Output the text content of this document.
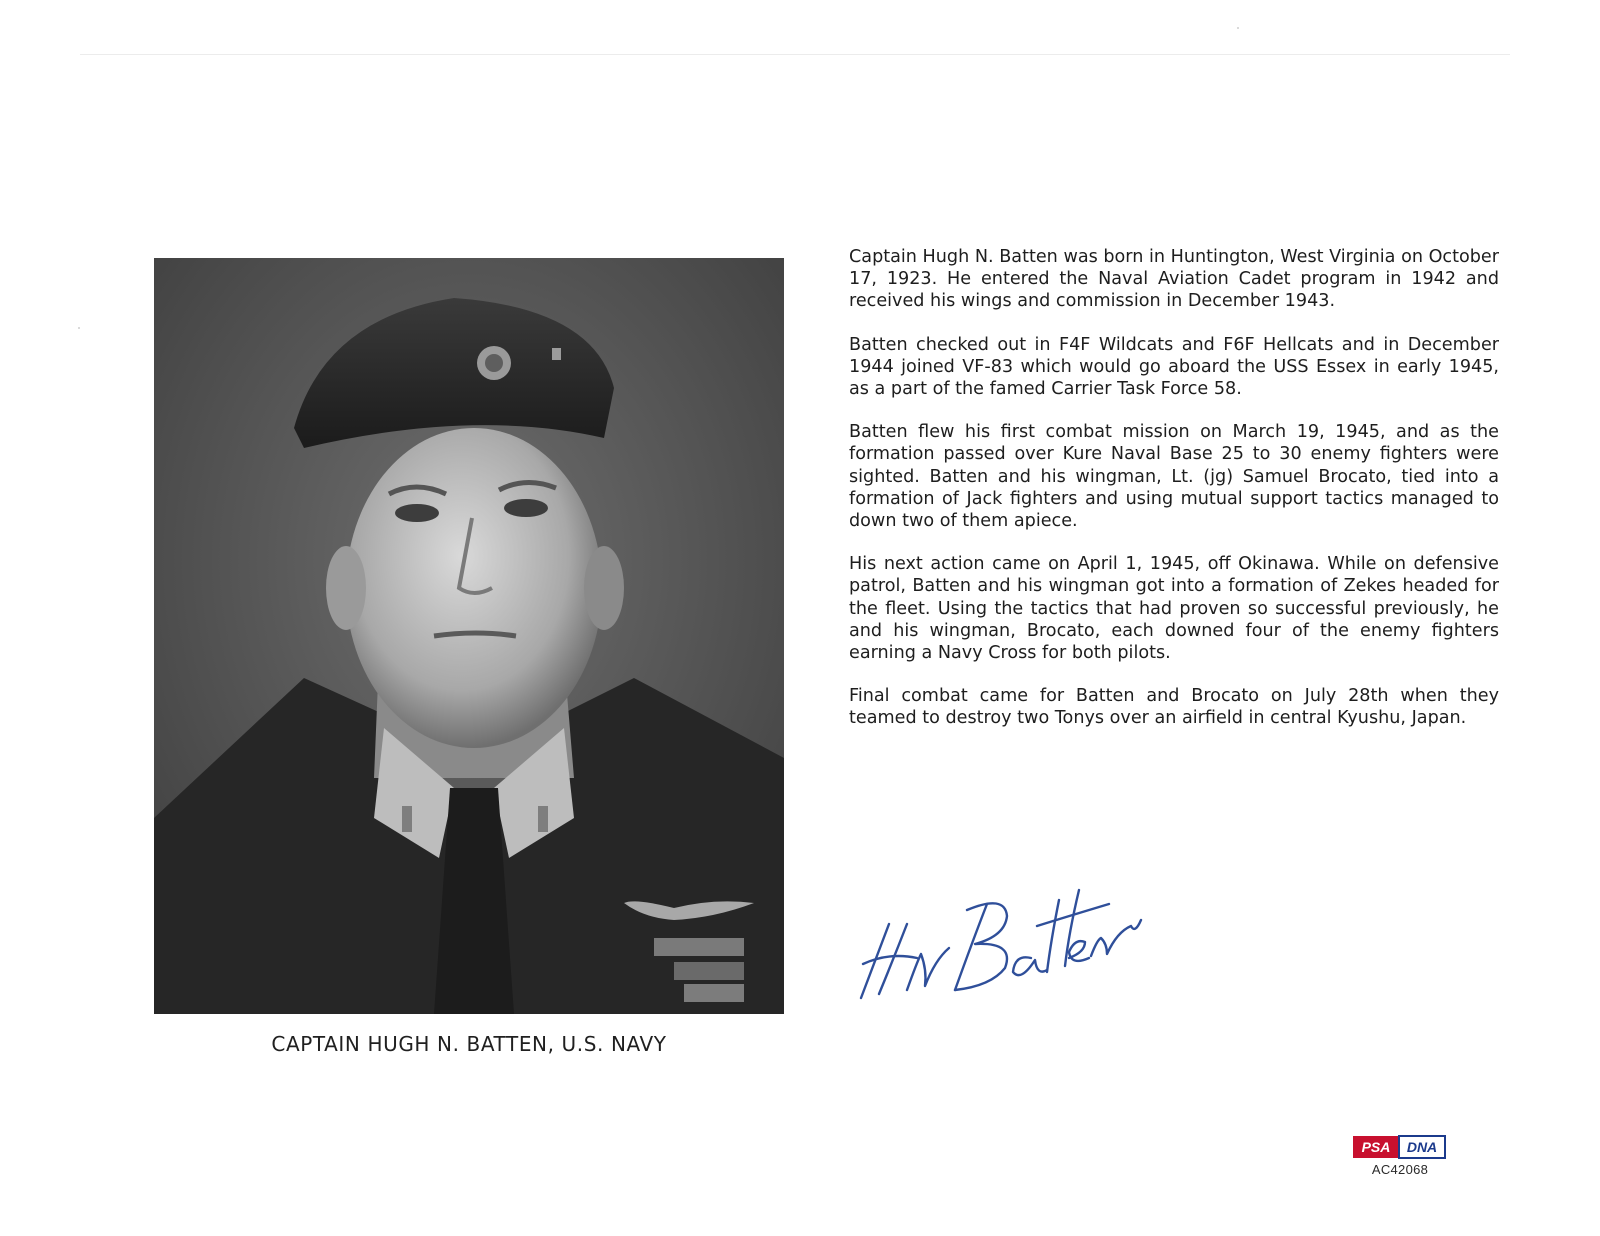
CAPTAIN HUGH N. BATTEN, U.S. NAVY

Captain Hugh N. Batten was born in Huntington, West Virginia on October 17, 1923. He entered the Naval Aviation Cadet program in 1942 and received his wings and commission in December 1943.

Batten checked out in F4F Wildcats and F6F Hellcats and in December 1944 joined VF-83 which would go aboard the USS Essex in early 1945, as a part of the famed Carrier Task Force 58.

Batten flew his first combat mission on March 19, 1945, and as the formation passed over Kure Naval Base 25 to 30 enemy fighters were sighted. Batten and his wingman, Lt. (jg) Samuel Brocato, tied into a formation of Jack fighters and using mutual support tactics managed to down two of them apiece.

His next action came on April 1, 1945, off Okinawa. While on defensive patrol, Batten and his wingman got into a formation of Zekes headed for the fleet. Using the tactics that had proven so successful previously, he and his wingman, Brocato, each downed four of the enemy fighters earning a Navy Cross for both pilots.

Final combat came for Batten and Brocato on July 28th when they teamed to destroy two Tonys over an airfield in central Kyushu, Japan.

PSA DNA
AC42068
